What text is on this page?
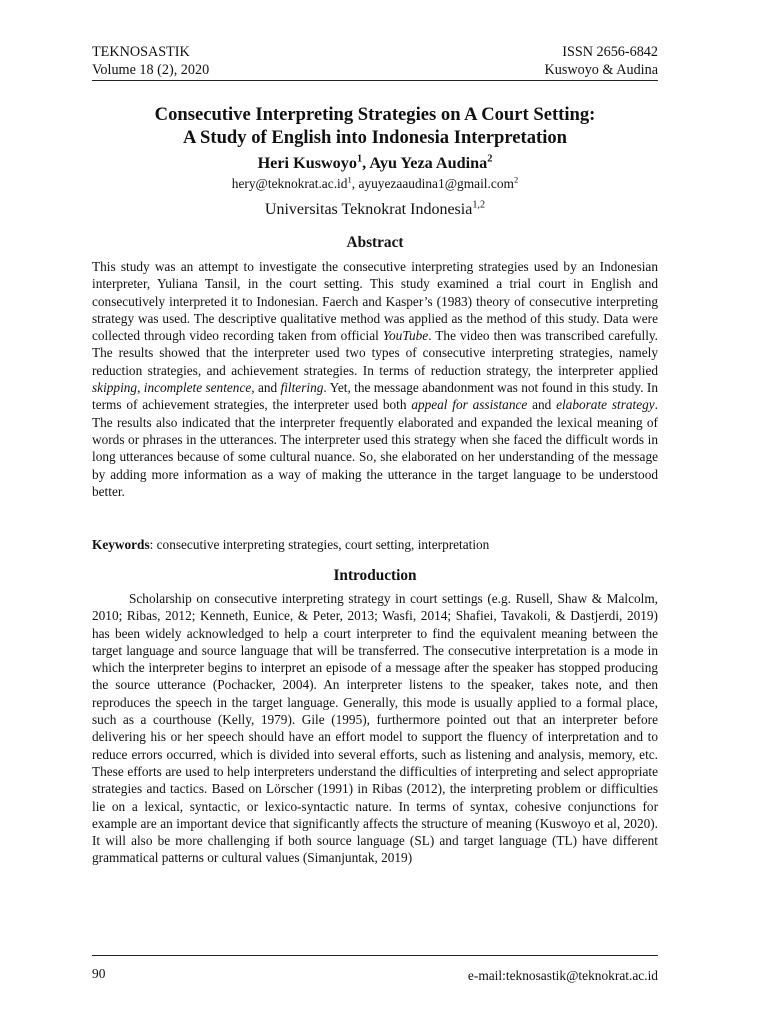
TEKNOSASTIK
Volume 18 (2), 2020
ISSN 2656-6842
Kuswoyo & Audina
Consecutive Interpreting Strategies on A Court Setting:
A Study of English into Indonesia Interpretation
Heri Kuswoyo$^1$, Ayu Yeza Audina$^2$
$hery@teknokrat.ac.id^1$, ayuyezaaudina1@gmail.com$^2$
Universitas Teknokrat Indonesia$^{1,2}$
Abstract

This study was an attempt to investigate the consecutive interpreting strategies used by an Indonesian interpreter, Yuliana Tansil, in the court setting. This study examined a trial court in English and consecutively interpreted it to Indonesian. Faerch and Kasper’s (1983) theory of consecutive interpreting strategy was used. The descriptive qualitative method was applied as the method of this study. Data were collected through video recording taken from official YouTube. The video then was transcribed carefully. The results showed that the interpreter used two types of consecutive interpreting strategies, namely reduction strategies, and achievement strategies. In terms of reduction strategy, the interpreter applied skipping, incomplete sentence, and filtering. Yet, the message abandonment was not found in this study. In terms of achievement strategies, the interpreter used both appeal for assistance and elaborate strategy. The results also indicated that the interpreter frequently elaborated and expanded the lexical meaning of words or phrases in the utterances. The interpreter used this strategy when she faced the difficult words in long utterances because of some cultural nuance. So, she elaborated on her understanding of the message by adding more information as a way of making the utterance in the target language to be understood better.

Keywords: consecutive interpreting strategies, court setting, interpretation

Introduction

Scholarship on consecutive interpreting strategy in court settings (e.g. Rusell, Shaw & Malcolm, 2010; Ribas, 2012; Kenneth, Eunice, & Peter, 2013; Wasfi, 2014; Shafiei, Tavakoli, & Dastjerdi, 2019) has been widely acknowledged to help a court interpreter to find the equivalent meaning between the target language and source language that will be transferred. The consecutive interpretation is a mode in which the interpreter begins to interpret an episode of a message after the speaker has stopped producing the source utterance (Pochacker, 2004). An interpreter listens to the speaker, takes note, and then reproduces the speech in the target language. Generally, this mode is usually applied to a formal place, such as a courthouse (Kelly, 1979). Gile (1995), furthermore pointed out that an interpreter before delivering his or her speech should have an effort model to support the fluency of interpretation and to reduce errors occurred, which is divided into several efforts, such as listening and analysis, memory, etc. These efforts are used to help interpreters understand the difficulties of interpreting and select appropriate strategies and tactics. Based on Lörscher (1991) in Ribas (2012), the interpreting problem or difficulties lie on a lexical, syntactic, or lexico-syntactic nature. In terms of syntax, cohesive conjunctions for example are an important device that significantly affects the structure of meaning (Kuswoyo et al, 2020). It will also be more challenging if both source language (SL) and target language (TL) have different grammatical patterns or cultural values (Simanjuntak, 2019)

90	e-mail:teknosastik@teknokrat.ac.id
